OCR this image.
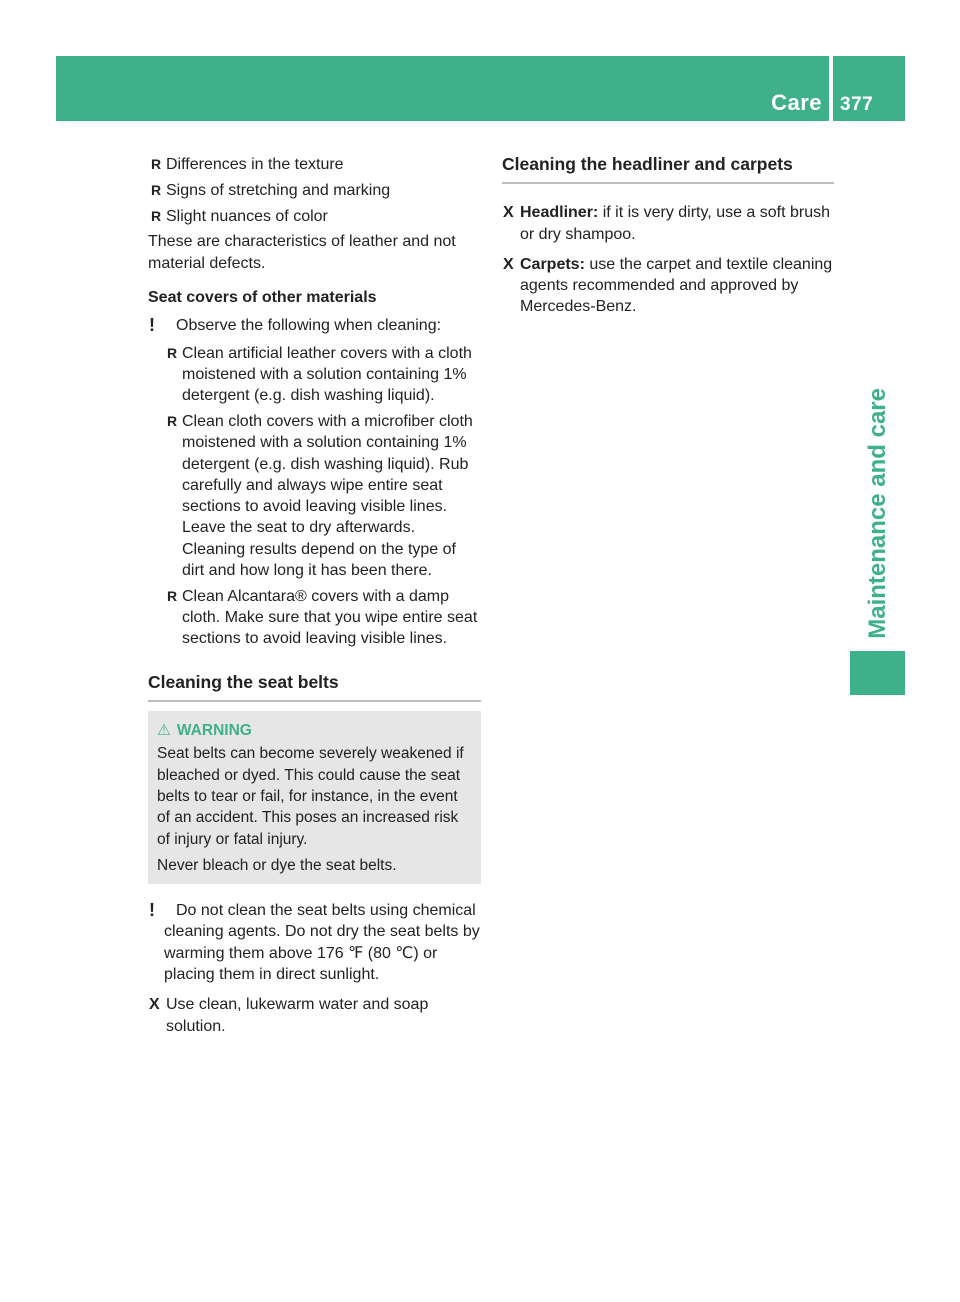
Care 377
Maintenance and care
R Differences in the texture
R Signs of stretching and marking
R Slight nuances of color

These are characteristics of leather and not material defects.

Seat covers of other materials

! Observe the following when cleaning:
R Clean artificial leather covers with a cloth moistened with a solution containing 1% detergent (e.g. dish washing liquid).
R Clean cloth covers with a microfiber cloth moistened with a solution containing 1% detergent (e.g. dish washing liquid). Rub carefully and always wipe entire seat sections to avoid leaving visible lines. Leave the seat to dry afterwards. Cleaning results depend on the type of dirt and how long it has been there.
R Clean Alcantara® covers with a damp cloth. Make sure that you wipe entire seat sections to avoid leaving visible lines.
Cleaning the seat belts
⚠ WARNING

Seat belts can become severely weakened if bleached or dyed. This could cause the seat belts to tear or fail, for instance, in the event of an accident. This poses an increased risk of injury or fatal injury.

Never bleach or dye the seat belts.

! Do not clean the seat belts using chemical cleaning agents. Do not dry the seat belts by warming them above 176 ℉ (80 ℃) or placing them in direct sunlight.
X Use clean, lukewarm water and soap solution.
Cleaning the headliner and carpets
X Headliner: if it is very dirty, use a soft brush or dry shampoo.
X Carpets: use the carpet and textile cleaning agents recommended and approved by Mercedes-Benz.
